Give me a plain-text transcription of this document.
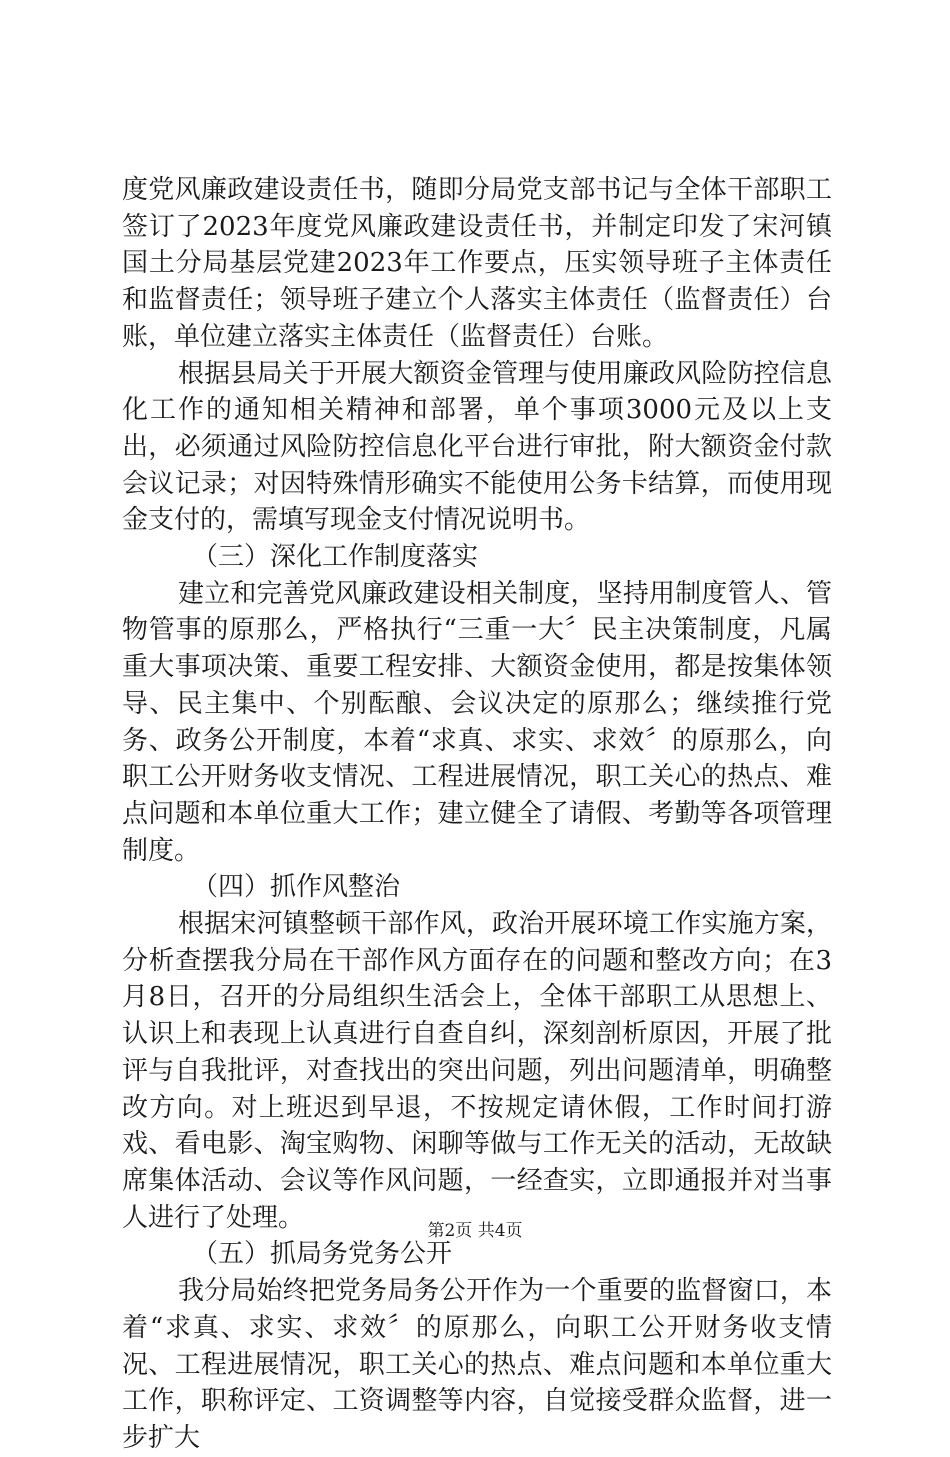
度党风廉政建设责任书，随即分局党支部书记与全体干部职工签订了2023年度党风廉政建设责任书，并制定印发了宋河镇国土分局基层党建2023年工作要点，压实领导班子主体责任和监督责任；领导班子建立个人落实主体责任（监督责任）台账，单位建立落实主体责任（监督责任）台账。

根据县局关于开展大额资金管理与使用廉政风险防控信息化工作的通知相关精神和部署，单个事项3000元及以上支出，必须通过风险防控信息化平台进行审批，附大额资金付款会议记录；对因特殊情形确实不能使用公务卡结算，而使用现金支付的，需填写现金支付情况说明书。

（三）深化工作制度落实

建立和完善党风廉政建设相关制度，坚持用制度管人、管物管事的原那么，严格执行“三重一大〞民主决策制度，凡属重大事项决策、重要工程安排、大额资金使用，都是按集体领导、民主集中、个别酝酿、会议决定的原那么；继续推行党务、政务公开制度，本着“求真、求实、求效〞的原那么，向职工公开财务收支情况、工程进展情况，职工关心的热点、难点问题和本单位重大工作；建立健全了请假、考勤等各项管理制度。

（四）抓作风整治

根据宋河镇整顿干部作风，政治开展环境工作实施方案，分析查摆我分局在干部作风方面存在的问题和整改方向；在3月8日，召开的分局组织生活会上，全体干部职工从思想上、认识上和表现上认真进行自查自纠，深刻剖析原因，开展了批评与自我批评，对查找出的突出问题，列出问题清单，明确整改方向。对上班迟到早退，不按规定请休假，工作时间打游戏、看电影、淘宝购物、闲聊等做与工作无关的活动，无故缺席集体活动、会议等作风问题，一经查实，立即通报并对当事人进行了处理。

（五）抓局务党务公开

我分局始终把党务局务公开作为一个重要的监督窗口，本着“求真、求实、求效〞的原那么，向职工公开财务收支情况、工程进展情况，职工关心的热点、难点问题和本单位重大工作，职称评定、工资调整等内容，自觉接受群众监督，进一步扩大

第2页 共4页
